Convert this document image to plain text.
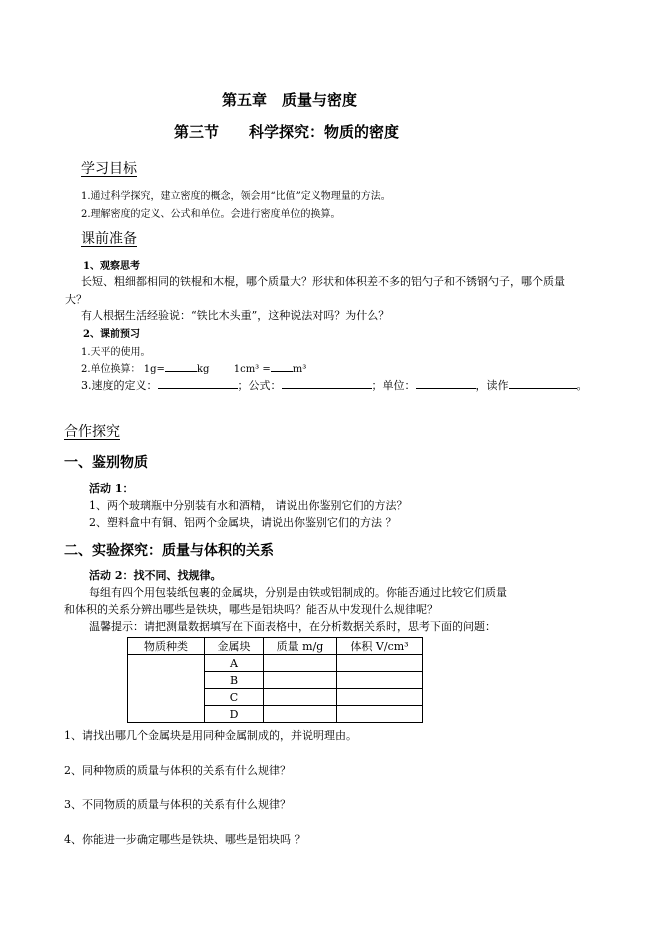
第五章　质量与密度
第三节　　科学探究：物质的密度
学习目标
1.通过科学探究，建立密度的概念，领会用“比值”定义物理量的方法。
2.理解密度的定义、公式和单位。会进行密度单位的换算。
课前准备
1、观察思考
长短、粗细都相同的铁棍和木棍，哪个质量大？形状和体积差不多的铝勺子和不锈钢勺子，哪个质量
大？
有人根据生活经验说：“铁比木头重”，这种说法对吗？为什么？
2、课前预习
1.天平的使用。
2.单位换算： 1g=	kg 1cm³ = m³
3.速度的定义：	；公式：	；单位：	，读作	。
合作探究
一、鉴别物质
活动 1：
1、两个玻璃瓶中分别装有水和酒精， 请说出你鉴别它们的方法？
2、塑料盒中有铜、铝两个金属块，请说出你鉴别它们的方法 ？
二、实验探究：质量与体积的关系
活动 2：找不同、找规律。
每组有四个用包装纸包裹的金属块，分别是由铁或铝制成的。你能否通过比较它们质量
和体积的关系分辨出哪些是铁块，哪些是铝块吗？能否从中发现什么规律呢？
温馨提示：请把测量数据填写在下面表格中，在分析数据关系时，思考下面的问题：
物质种类	金属块	质量 m/g	体积 V/cm³
	A		
	B		
	C		
	D		
1、请找出哪几个金属块是用同种金属制成的，并说明理由。
2、同种物质的质量与体积的关系有什么规律？
3、不同物质的质量与体积的关系有什么规律？
4、你能进一步确定哪些是铁块、哪些是铝块吗 ？
